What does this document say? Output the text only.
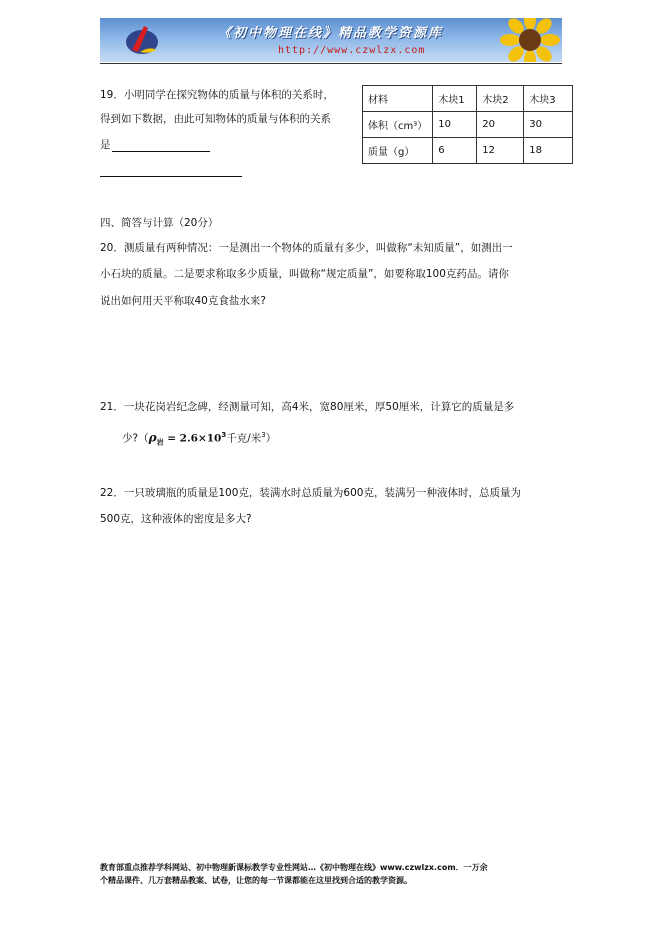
《初中物理在线》精品教学资源库
http://www.czwlzx.com
19．小明同学在探究物体的质量与体积的关系时，
得到如下数据，由此可知物体的质量与体积的关系
是
材料	木块1	木块2	木块3
体积（cm³）	10	20	30
质量（g）	6	12	18
四、简答与计算（20分）
20．测质量有两种情况：一是测出一个物体的质量有多少，叫做称“未知质量”，如测出一
小石块的质量。二是要求称取多少质量，叫做称“规定质量”，如要称取100克药品。请你
说出如何用天平称取40克食盐水来?
21．一块花岗岩纪念碑，经测量可知，高4米，宽80厘米，厚50厘米，计算它的质量是多
少$?(\rho_岩 = 2.6\times 10^3$千克/米$^3$）
22．一只玻璃瓶的质量是100克，装满水时总质量为600克，装满另一种液体时，总质量为
500克，这种液体的密度是多大?
教育部重点推荐学科网站、初中物理新课标教学专业性网站…《初中物理在线》www.czwlzx.com．一万余
个精品课件、几万套精品教案、试卷，让您的每一节课都能在这里找到合适的教学资源。
